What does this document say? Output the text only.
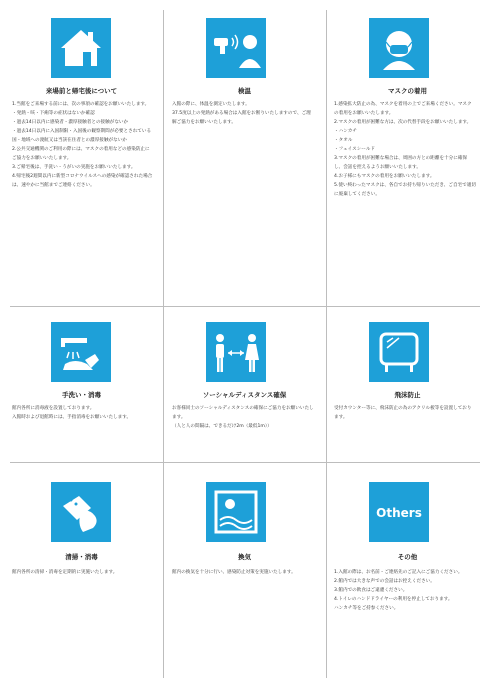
来場前と帰宅後について
1.当館をご来場する前には、次の事項の確認をお願いいたします。
・発熱・咳・下痢等の症状はないか確認
・過去14日以内に感染者・濃厚接触者との接触がないか
・過去14日以内に入国制限・入国後の観察期間が必要とされている国・地域への渡航又は当該在住者との濃厚接触がないか
2.公共交通機関のご利用の際には、マスクの着用などの感染防止にご協力をお願いいたします。
3.ご帰宅後は、手洗い・うがいの実施をお願いいたします。
4.帰宅後2週間以内に新型コロナウイルスへの感染が確認された場合は、速やかに当館までご連絡ください。
検温
入館の際に、体温を測定いたします。
37.5度以上の発熱がある場合は入館をお断りいたしますので、ご理解ご協力をお願いいたします。
マスクの着用
1.感染拡大防止の為、マスクを着用の上でご来場ください。マスクの着用をお願いいたします。
2.マスクの着用が困難な方は、次の代替手段をお願いいたします。
・ハンカチ
・タオル
・フェイスシールド
3.マスクの着用が困難な場合は、周囲の方との距離を十分に確保し、会話を控えるようお願いいたします。
4.お子様にもマスクの着用をお願いいたします。
5.使い終わったマスクは、各自でお持ち帰りいただき、ご自宅で適切に廃棄してください。
手洗い・消毒
館内各所に消毒液を設置しております。
入館時および退館時には、手指消毒をお願いいたします。
ソーシャルディスタンス確保
お客様同士のソーシャルディスタンスの確保にご協力をお願いいたします。
（人と人の間隔は、できるだけ2m（最低1m））
飛沫防止
受付カウンター等に、飛沫防止の為のアクリル板等を設置しております。
清掃・消毒
館内各所の清掃・消毒を定期的に実施いたします。
換気
館内の換気を十分に行い、感染防止対策を実施いたします。
Others
その他
1.入館の際は、お名前・ご連絡先のご記入にご協力ください。
2.館内では大きな声での会話はお控えください。
3.館内での飲食はご遠慮ください。
4.トイレのハンドドライヤーの利用を停止しております。
ハンカチ等をご持参ください。
